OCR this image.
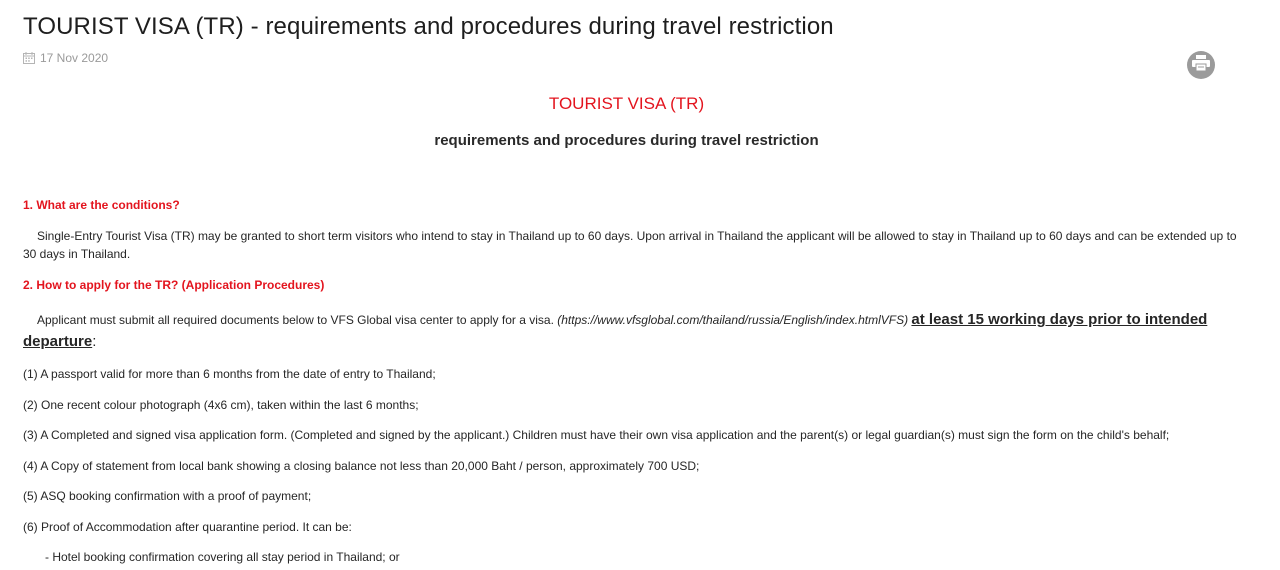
TOURIST VISA (TR) - requirements and procedures during travel restriction
17 Nov 2020
TOURIST VISA (TR)
requirements and procedures during travel restriction
1. What are the conditions?
Single-Entry Tourist Visa (TR) may be granted to short term visitors who intend to stay in Thailand up to 60 days. Upon arrival in Thailand the applicant will be allowed to stay in Thailand up to 60 days and can be extended up to 30 days in Thailand.
2. How to apply for the TR? (Application Procedures)
Applicant must submit all required documents below to VFS Global visa center to apply for a visa. (https://www.vfsglobal.com/thailand/russia/English/index.htmlVFS) at least 15 working days prior to intended departure:
(1) A passport valid for more than 6 months from the date of entry to Thailand;
(2) One recent colour photograph (4x6 cm), taken within the last 6 months;
(3) A Completed and signed visa application form. (Completed and signed by the applicant.) Children must have their own visa application and the parent(s) or legal guardian(s) must sign the form on the child's behalf;
(4) A Copy of statement from local bank showing a closing balance not less than 20,000 Baht / person, approximately 700 USD;
(5) ASQ booking confirmation with a proof of payment;
(6) Proof of Accommodation after quarantine period. It can be:
- Hotel booking confirmation covering all stay period in Thailand; or
